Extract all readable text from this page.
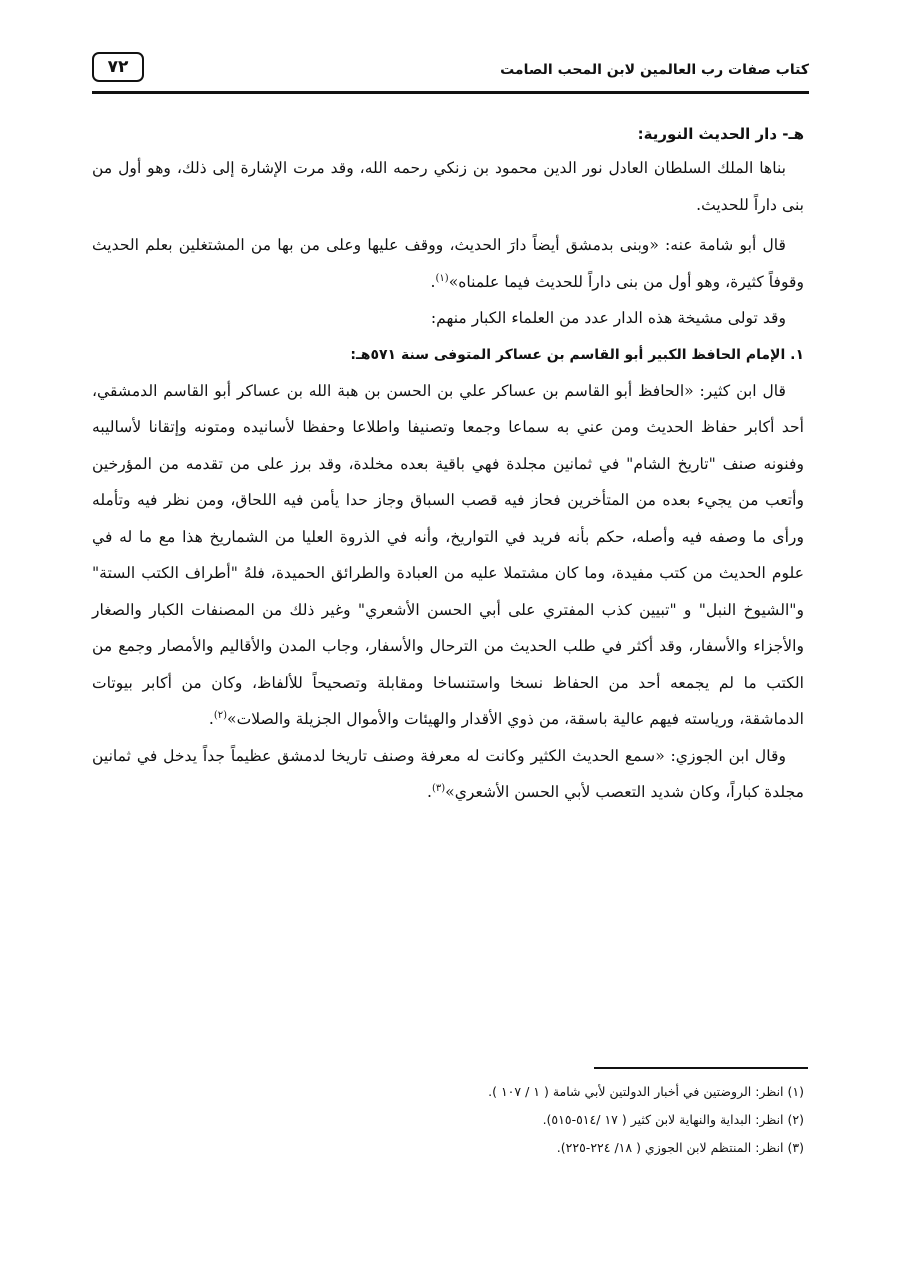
كتاب صفات رب العالمين لابن المحب الصامت
٧٢
هـ- دار الحديث النورية:

بناها الملك السلطان العادل نور الدين محمود بن زنكي رحمه الله، وقد مرت الإشارة إلى ذلك، وهو أول من بنى داراً للحديث.

قال أبو شامة عنه: «وبنى بدمشق أيضاً دارَ الحديث، ووقف عليها وعلى من بها من المشتغلين بعلم الحديث وقوفاً كثيرة، وهو أول من بنى داراً للحديث فيما علمناه»$^{(١)}$.

وقد تولى مشيخة هذه الدار عدد من العلماء الكبار منهم:

١. الإمام الحافظ الكبير أبو القاسم بن عساكر المتوفى سنة ٥٧١هـ:

قال ابن كثير: «الحافظ أبو القاسم بن عساكر علي بن الحسن بن هبة الله بن عساكر أبو القاسم الدمشقي، أحد أكابر حفاظ الحديث ومن عني به سماعا وجمعا وتصنيفا واطلاعا وحفظا لأسانيده ومتونه وإتقانا لأساليبه وفنونه صنف "تاريخ الشام" في ثمانين مجلدة فهي باقية بعده مخلدة، وقد برز على من تقدمه من المؤرخين وأتعب من يجيء بعده من المتأخرين فحاز فيه قصب السباق وجاز حدا يأمن فيه اللحاق، ومن نظر فيه وتأمله ورأى ما وصفه فيه وأصله، حكم بأنه فريد في التواريخ، وأنه في الذروة العليا من الشماريخ هذا مع ما له في علوم الحديث من كتب مفيدة، وما كان مشتملا عليه من العبادة والطرائق الحميدة، فلهُ "أطراف الكتب الستة" و"الشيوخ النبل" و "تبيين كذب المفتري على أبي الحسن الأشعري" وغير ذلك من المصنفات الكبار والصغار والأجزاء والأسفار، وقد أكثر في طلب الحديث من الترحال والأسفار، وجاب المدن والأقاليم والأمصار وجمع من الكتب ما لم يجمعه أحد من الحفاظ نسخا واستنساخا ومقابلة وتصحيحاً للألفاظ، وكان من أكابر بيوتات الدماشقة، ورياسته فيهم عالية باسقة، من ذوي الأقدار والهيئات والأموال الجزيلة والصلات»$^{(٢)}$.

وقال ابن الجوزي: «سمع الحديث الكثير وكانت له معرفة وصنف تاريخا لدمشق عظيماً جداً يدخل في ثمانين مجلدة كباراً، وكان شديد التعصب لأبي الحسن الأشعري»$^{(٣)}$.

(١) انظر: الروضتين في أخبار الدولتين لأبي شامة ( ١ / ١٠٧ ).
(٢) انظر: البداية والنهاية لابن كثير ( ١٧ /٥١٤-٥١٥).
(٣) انظر: المنتظم لابن الجوزي ( ١٨/ ٢٢٤-٢٢٥).
